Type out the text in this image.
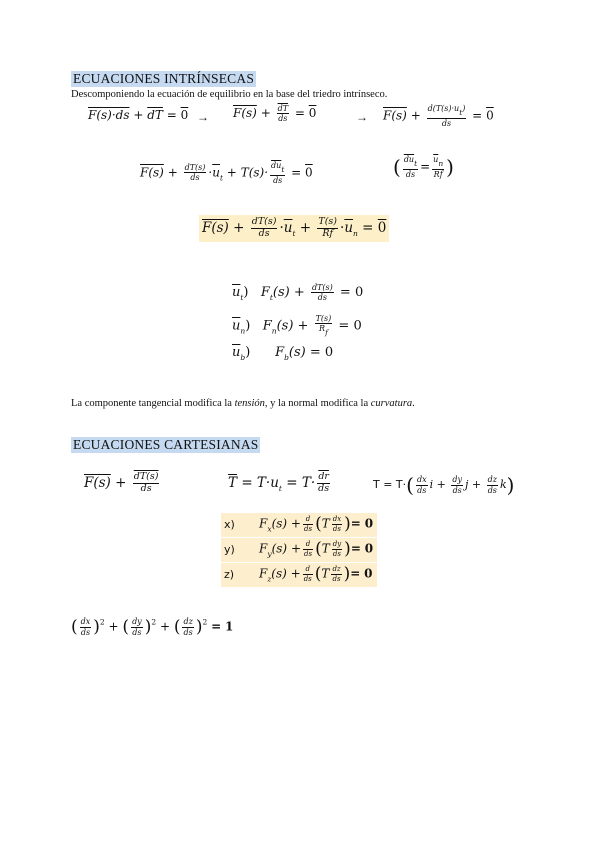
ECUACIONES INTRÍNSECAS
Descomponiendo la ecuación de equilibrio en la base del triedro intrínseco.
$F(s)\cdot ds + \overline{dT} = 0 \to F(s) + \frac{\overline{dT}}{ds} = 0$	→ $F(s) + \frac{d(T(s)\cdot ut)}{ds} = 0$
$F(s) + \frac{dT(s)}{ds} \cdot\overline{u}_t + T(s)\cdot \frac{\overline{du}t}{ds} = 0$	( $\frac{\overline{du}t}{ds} = \frac{\overline{u}n}{Rf}$ )
$F(s) + \frac{dT(s)}{ds} \cdot\overline{u}_t + \frac{T(s)}{Rf} \cdot\overline{u}_n = 0$
$\overline{u}_t$) $F_t(s) + \frac{dT(s)}{ds} = 0$
$\overline{u}_n$) $F_n(s) + \frac{T(s)}{Rf} = 0$
$\overline{u}_b$) $F_b(s) = 0$
La componente tangencial modifica la tensión, y la normal modifica la curvatura.
ECUACIONES CARTESIANAS
$F(s) + \frac{dT(s)}{ds}$	$\overline{T} = T\cdot u_t = T\cdot \frac{\overline{dr}}{ds}$	$T = T\cdot( \frac{dx}{ds}$ $i + \frac{dy}{ds}$ $j + \frac{dz}{ds} k$)
x) $F_x(s) + \frac{d}{ds} (T \frac{dx}{ds}$ )= 0
y) $F_y(s) + \frac{d}{ds} (T \frac{dy}{ds}$ )= 0
z) $F_z(s) + \frac{d}{ds} (T \frac{dz}{ds}$ )= 0
( $\frac{dx}{ds} )^2$ + ( $\frac{dy}{ds} )^2$ + ( $\frac{dz}{ds} )^2 = 1$
